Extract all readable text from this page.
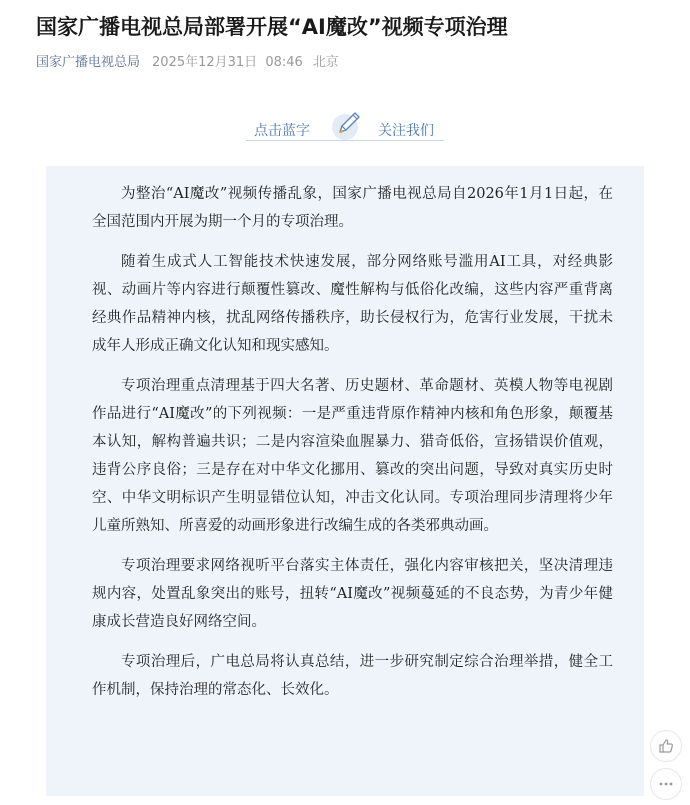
国家广播电视总局部署开展“AI魔改”视频专项治理
国家广播电视总局 2025年12月31日 08:46 北京
点击蓝字	关注我们

为整治“AI魔改”视频传播乱象，国家广播电视总局自2026年1月1日起，在全国范围内开展为期一个月的专项治理。

随着生成式人工智能技术快速发展，部分网络账号滥用AI工具，对经典影视、动画片等内容进行颠覆性篡改、魔性解构与低俗化改编，这些内容严重背离经典作品精神内核，扰乱网络传播秩序，助长侵权行为，危害行业发展，干扰未成年人形成正确文化认知和现实感知。

专项治理重点清理基于四大名著、历史题材、革命题材、英模人物等电视剧作品进行“AI魔改”的下列视频：一是严重违背原作精神内核和角色形象，颠覆基本认知，解构普遍共识；二是内容渲染血腥暴力、猎奇低俗，宣扬错误价值观，违背公序良俗；三是存在对中华文化挪用、篡改的突出问题，导致对真实历史时空、中华文明标识产生明显错位认知，冲击文化认同。专项治理同步清理将少年儿童所熟知、所喜爱的动画形象进行改编生成的各类邪典动画。

专项治理要求网络视听平台落实主体责任，强化内容审核把关，坚决清理违规内容，处置乱象突出的账号，扭转“AI魔改”视频蔓延的不良态势，为青少年健康成长营造良好网络空间。

专项治理后，广电总局将认真总结，进一步研究制定综合治理举措，健全工作机制，保持治理的常态化、长效化。
